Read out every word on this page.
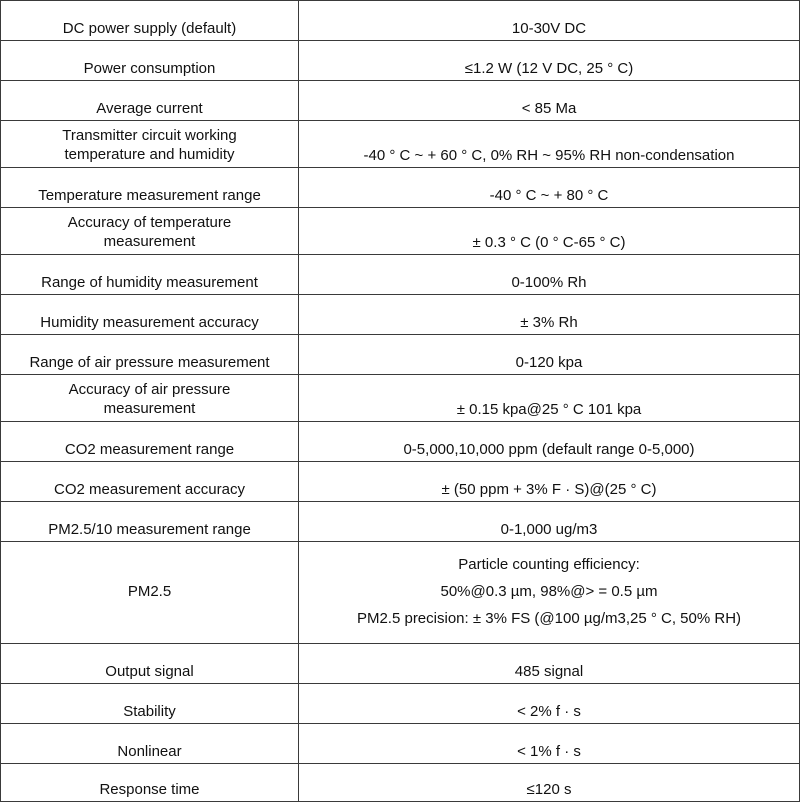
DC power supply (default)	10-30V DC
Power consumption	≤1.2 W (12 V DC, 25 ° C)
Average current	< 85 Ma

Transmitter circuit working
temperature and humidity	-40 ° C ~ + 60 ° C, 0% RH ~ 95% RH non-condensation
Temperature measurement range	-40 ° C ~ + 80 ° C

Accuracy of temperature
measurement	± 0.3 ° C (0 ° C-65 ° C)
Range of humidity measurement	0-100% Rh
Humidity measurement accuracy	± 3% Rh
Range of air pressure measurement	0-120 kpa

Accuracy of air pressure
measurement	± 0.15 kpa@25 ° C 101 kpa
CO2 measurement range	0-5,000,10,000 ppm (default range 0-5,000)
CO2 measurement accuracy	± (50 ppm + 3% F · S)@(25 ° C)
PM2.5/10 measurement range	0-1,000 ug/m3
PM2.5	Particle counting efficiency:
50%@0.3 µm, 98%@> = 0.5 µm
PM2.5 precision: ± 3% FS (@100 µg/m3,25 ° C, 50% RH)

Output signal	485 signal
Stability	< 2% f · s
Nonlinear	< 1% f · s
Response time	≤120 s
